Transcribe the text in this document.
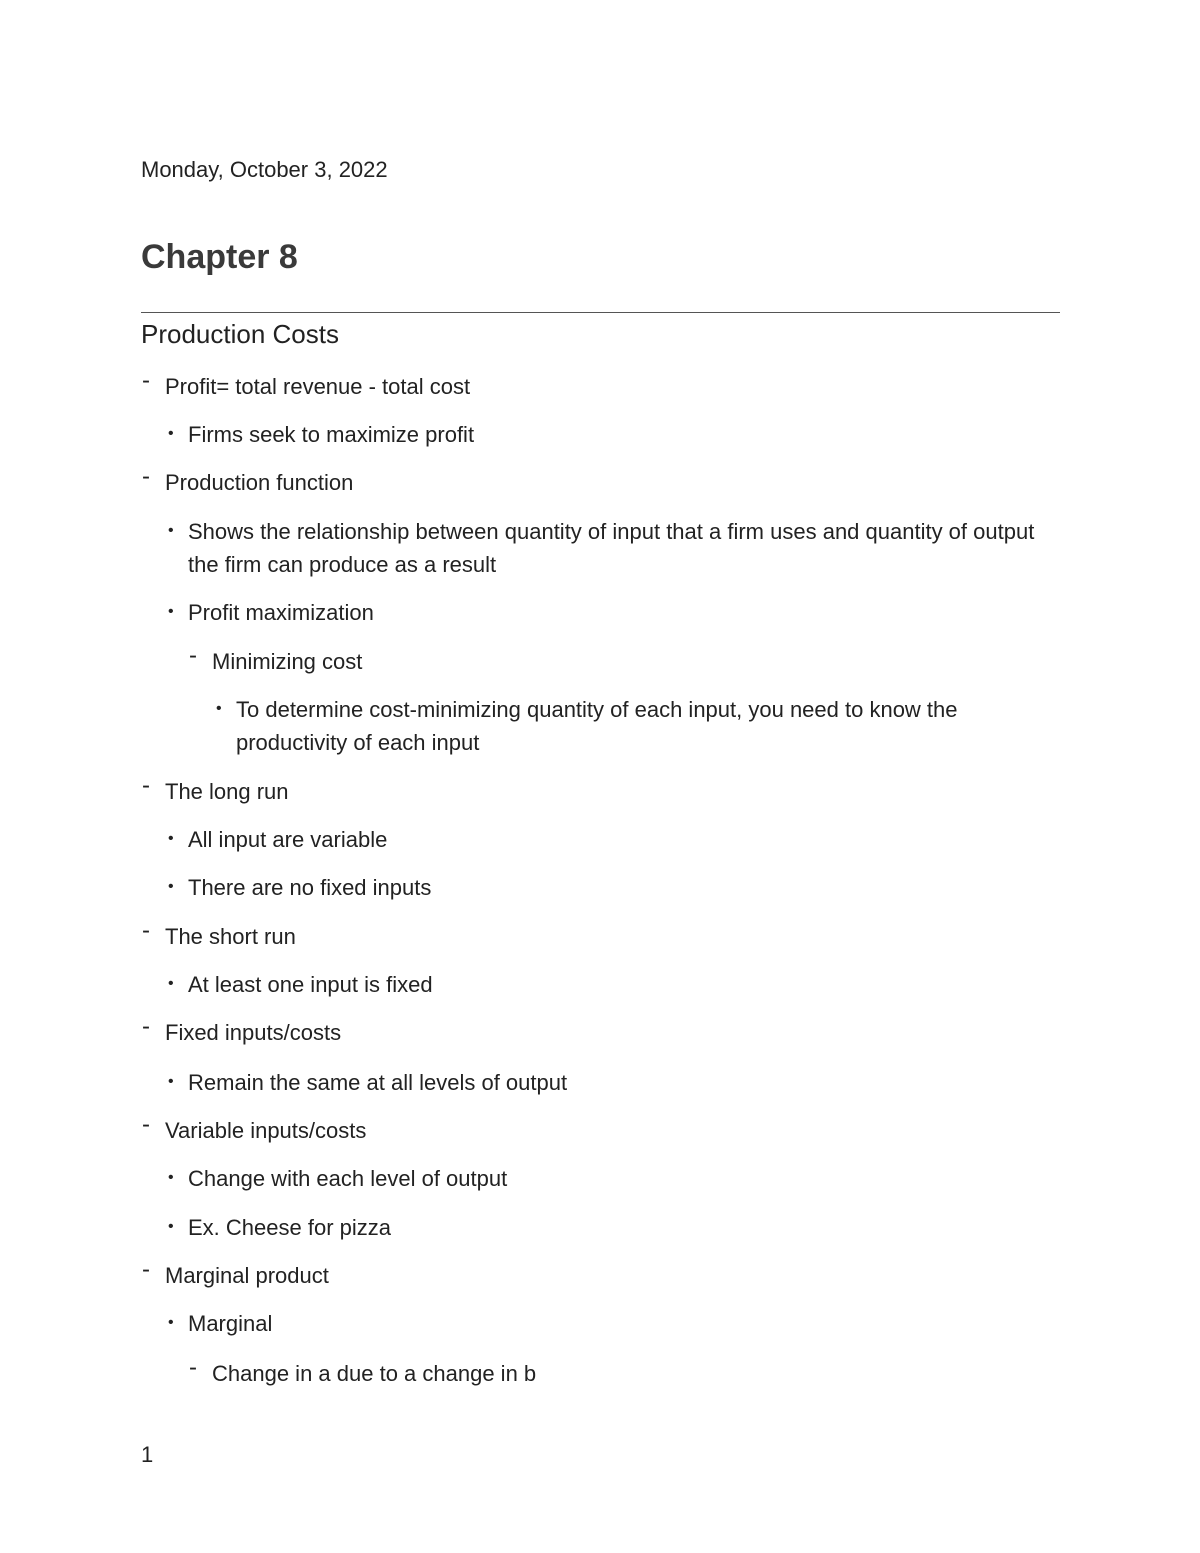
Monday, October 3, 2022
Chapter 8
Production Costs
- Profit= total revenue - total cost
• Firms seek to maximize profit
- Production function
• Shows the relationship between quantity of input that a firm uses and quantity of output the firm can produce as a result
• Profit maximization
- Minimizing cost
• To determine cost-minimizing quantity of each input, you need to know the productivity of each input
- The long run
• All input are variable
• There are no fixed inputs
- The short run
• At least one input is fixed
- Fixed inputs/costs
• Remain the same at all levels of output
- Variable inputs/costs
• Change with each level of output
• Ex. Cheese for pizza
- Marginal product
• Marginal
- Change in a due to a change in b
1
